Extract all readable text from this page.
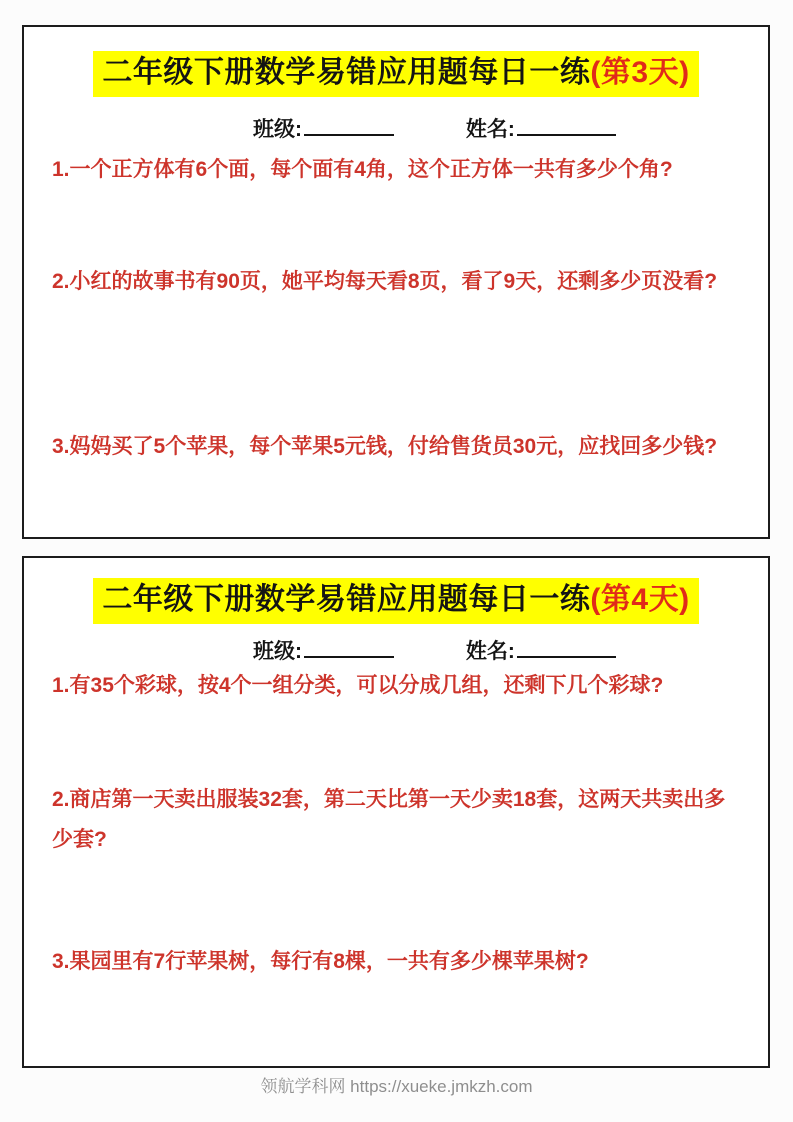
二年级下册数学易错应用题每日一练(第3天)
班级:	姓名:
1.一个正方体有6个面，每个面有4角，这个正方体一共有多少个角?
2.小红的故事书有90页，她平均每天看8页，看了9天，还剩多少页没看?
3.妈妈买了5个苹果，每个苹果5元钱，付给售货员30元，应找回多少钱?
二年级下册数学易错应用题每日一练(第4天)
班级:	姓名:
1.有35个彩球，按4个一组分类，可以分成几组，还剩下几个彩球?
2.商店第一天卖出服装32套，第二天比第一天少卖18套，这两天共卖出多少套?
3.果园里有7行苹果树，每行有8棵，一共有多少棵苹果树?
领航学科网 https://xueke.jmkzh.com
